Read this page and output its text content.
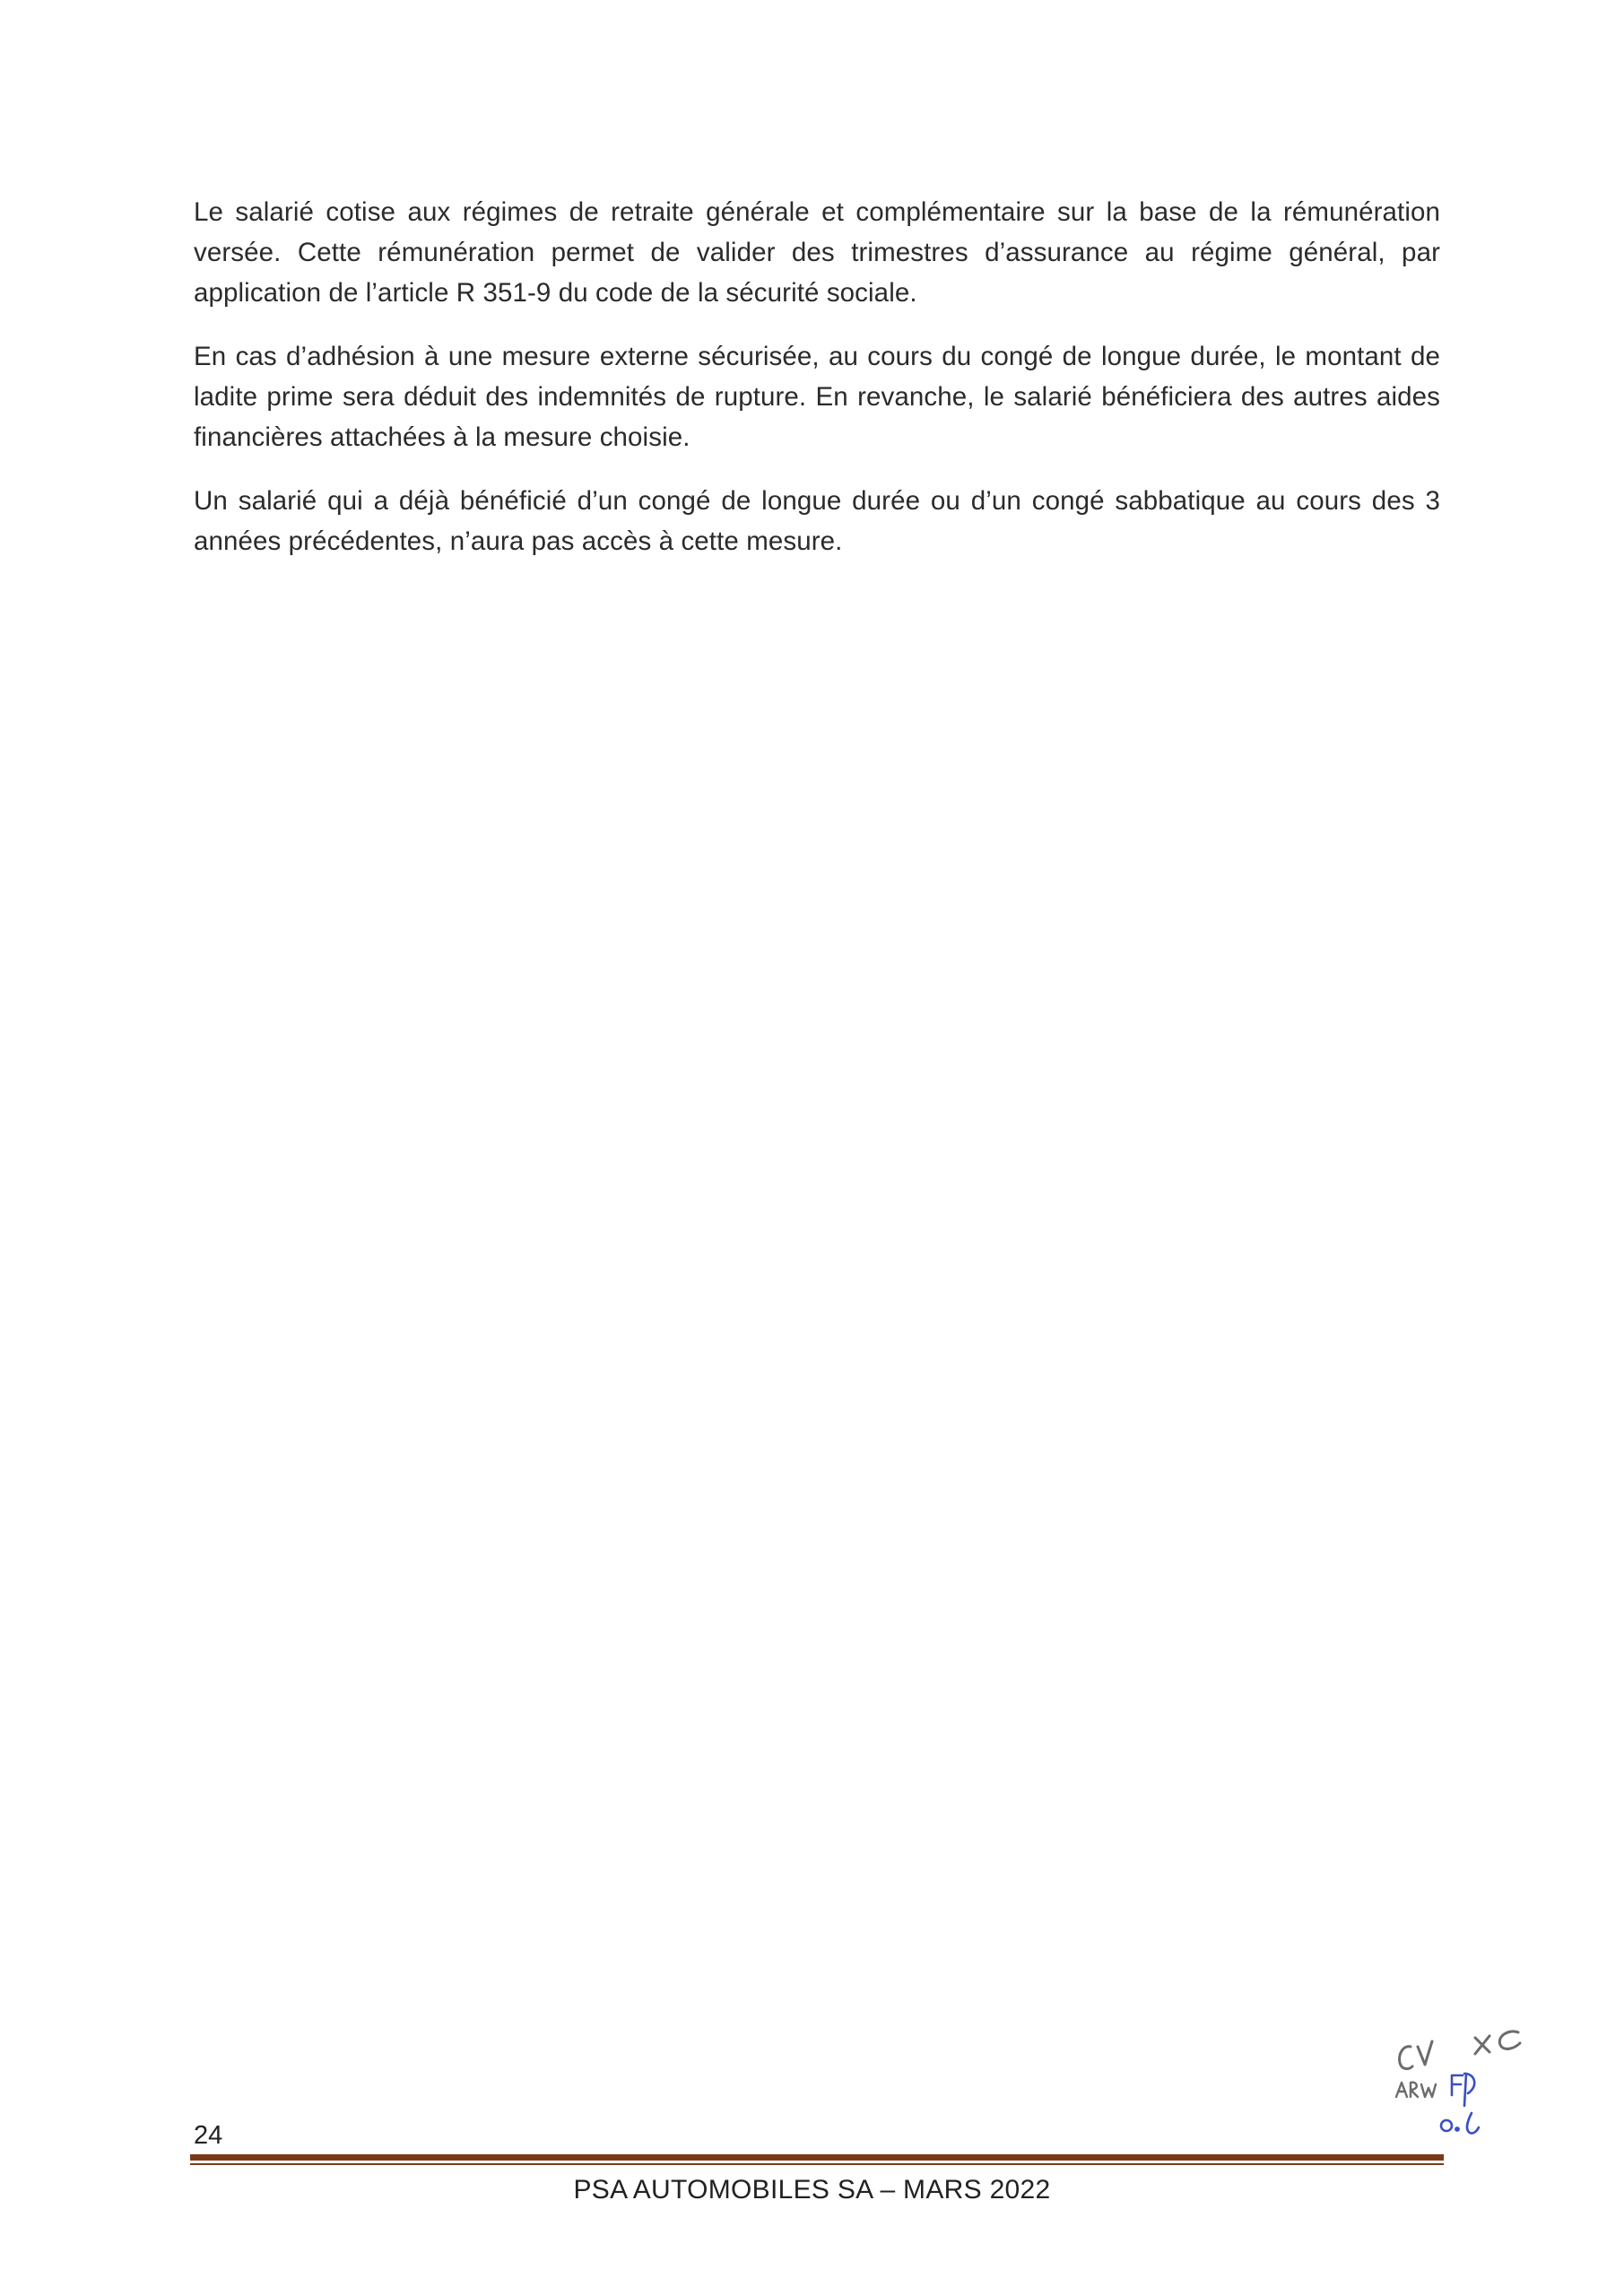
Le salarié cotise aux régimes de retraite générale et complémentaire sur la base de la rémunération versée. Cette rémunération permet de valider des trimestres d’assurance au régime général, par application de l’article R 351-9 du code de la sécurité sociale.

En cas d’adhésion à une mesure externe sécurisée, au cours du congé de longue durée, le montant de ladite prime sera déduit des indemnités de rupture. En revanche, le salarié bénéficiera des autres aides financières attachées à la mesure choisie.

Un salarié qui a déjà bénéficié d’un congé de longue durée ou d’un congé sabbatique au cours des 3 années précédentes, n’aura pas accès à cette mesure.

24
PSA AUTOMOBILES SA – MARS 2022
